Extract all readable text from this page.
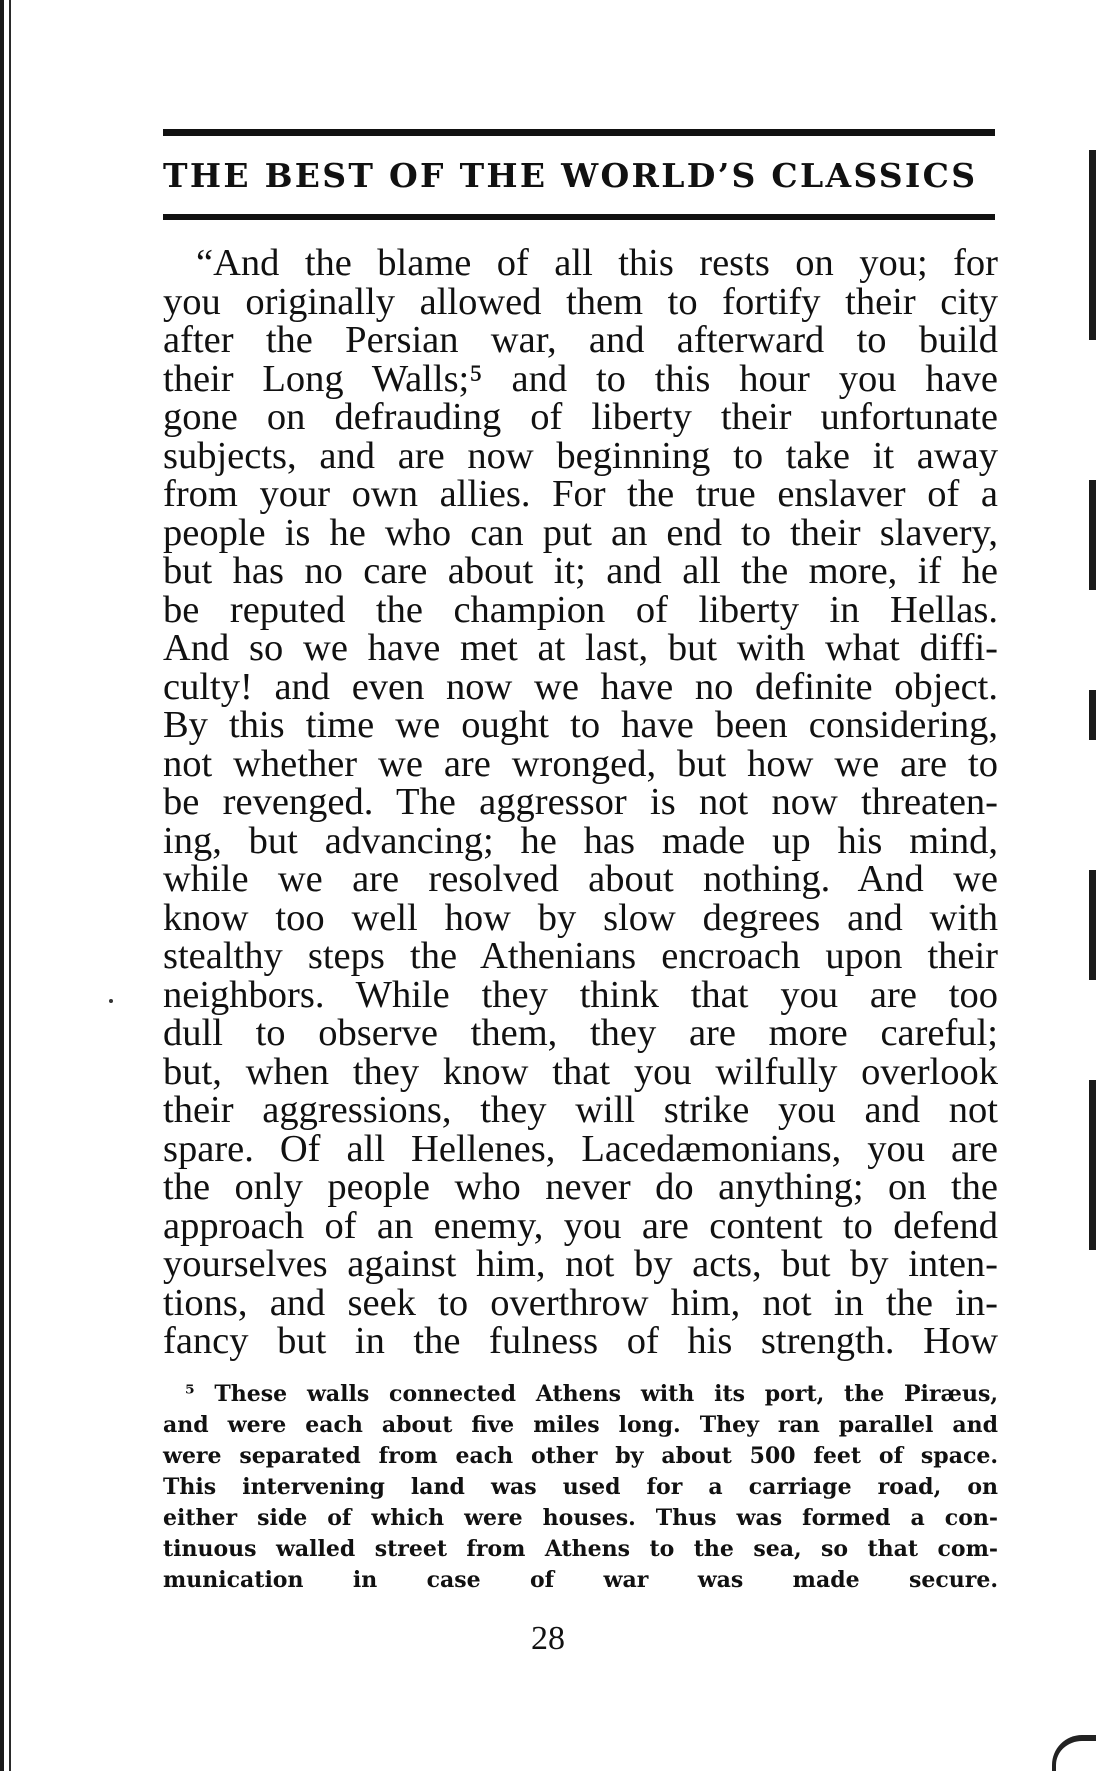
THE BEST OF THE WORLD’S CLASSICS
“And the blame of all this rests on you; for
you originally allowed them to fortify their city
after the Persian war, and afterward to build
their Long Walls;⁵ and to this hour you have
gone on defrauding of liberty their unfortunate
subjects, and are now beginning to take it away
from your own allies. For the true enslaver of a
people is he who can put an end to their slavery,
but has no care about it; and all the more, if he
be reputed the champion of liberty in Hellas.
And so we have met at last, but with what diffi-
culty! and even now we have no definite object.
By this time we ought to have been considering,
not whether we are wronged, but how we are to
be revenged. The aggressor is not now threaten-
ing, but advancing; he has made up his mind,
while we are resolved about nothing. And we
know too well how by slow degrees and with
stealthy steps the Athenians encroach upon their
neighbors. While they think that you are too
dull to observe them, they are more careful;
but, when they know that you wilfully overlook
their aggressions, they will strike you and not
spare. Of all Hellenes, Lacedæmonians, you are
the only people who never do anything; on the
approach of an enemy, you are content to defend
yourselves against him, not by acts, but by inten-
tions, and seek to overthrow him, not in the in-
fancy but in the fulness of his strength. How
⁵ These walls connected Athens with its port, the Piræus,
and were each about five miles long. They ran parallel and
were separated from each other by about 500 feet of space.
This intervening land was used for a carriage road, on
either side of which were houses. Thus was formed a con-
tinuous walled street from Athens to the sea, so that com-
munication in case of war was made secure.
28
